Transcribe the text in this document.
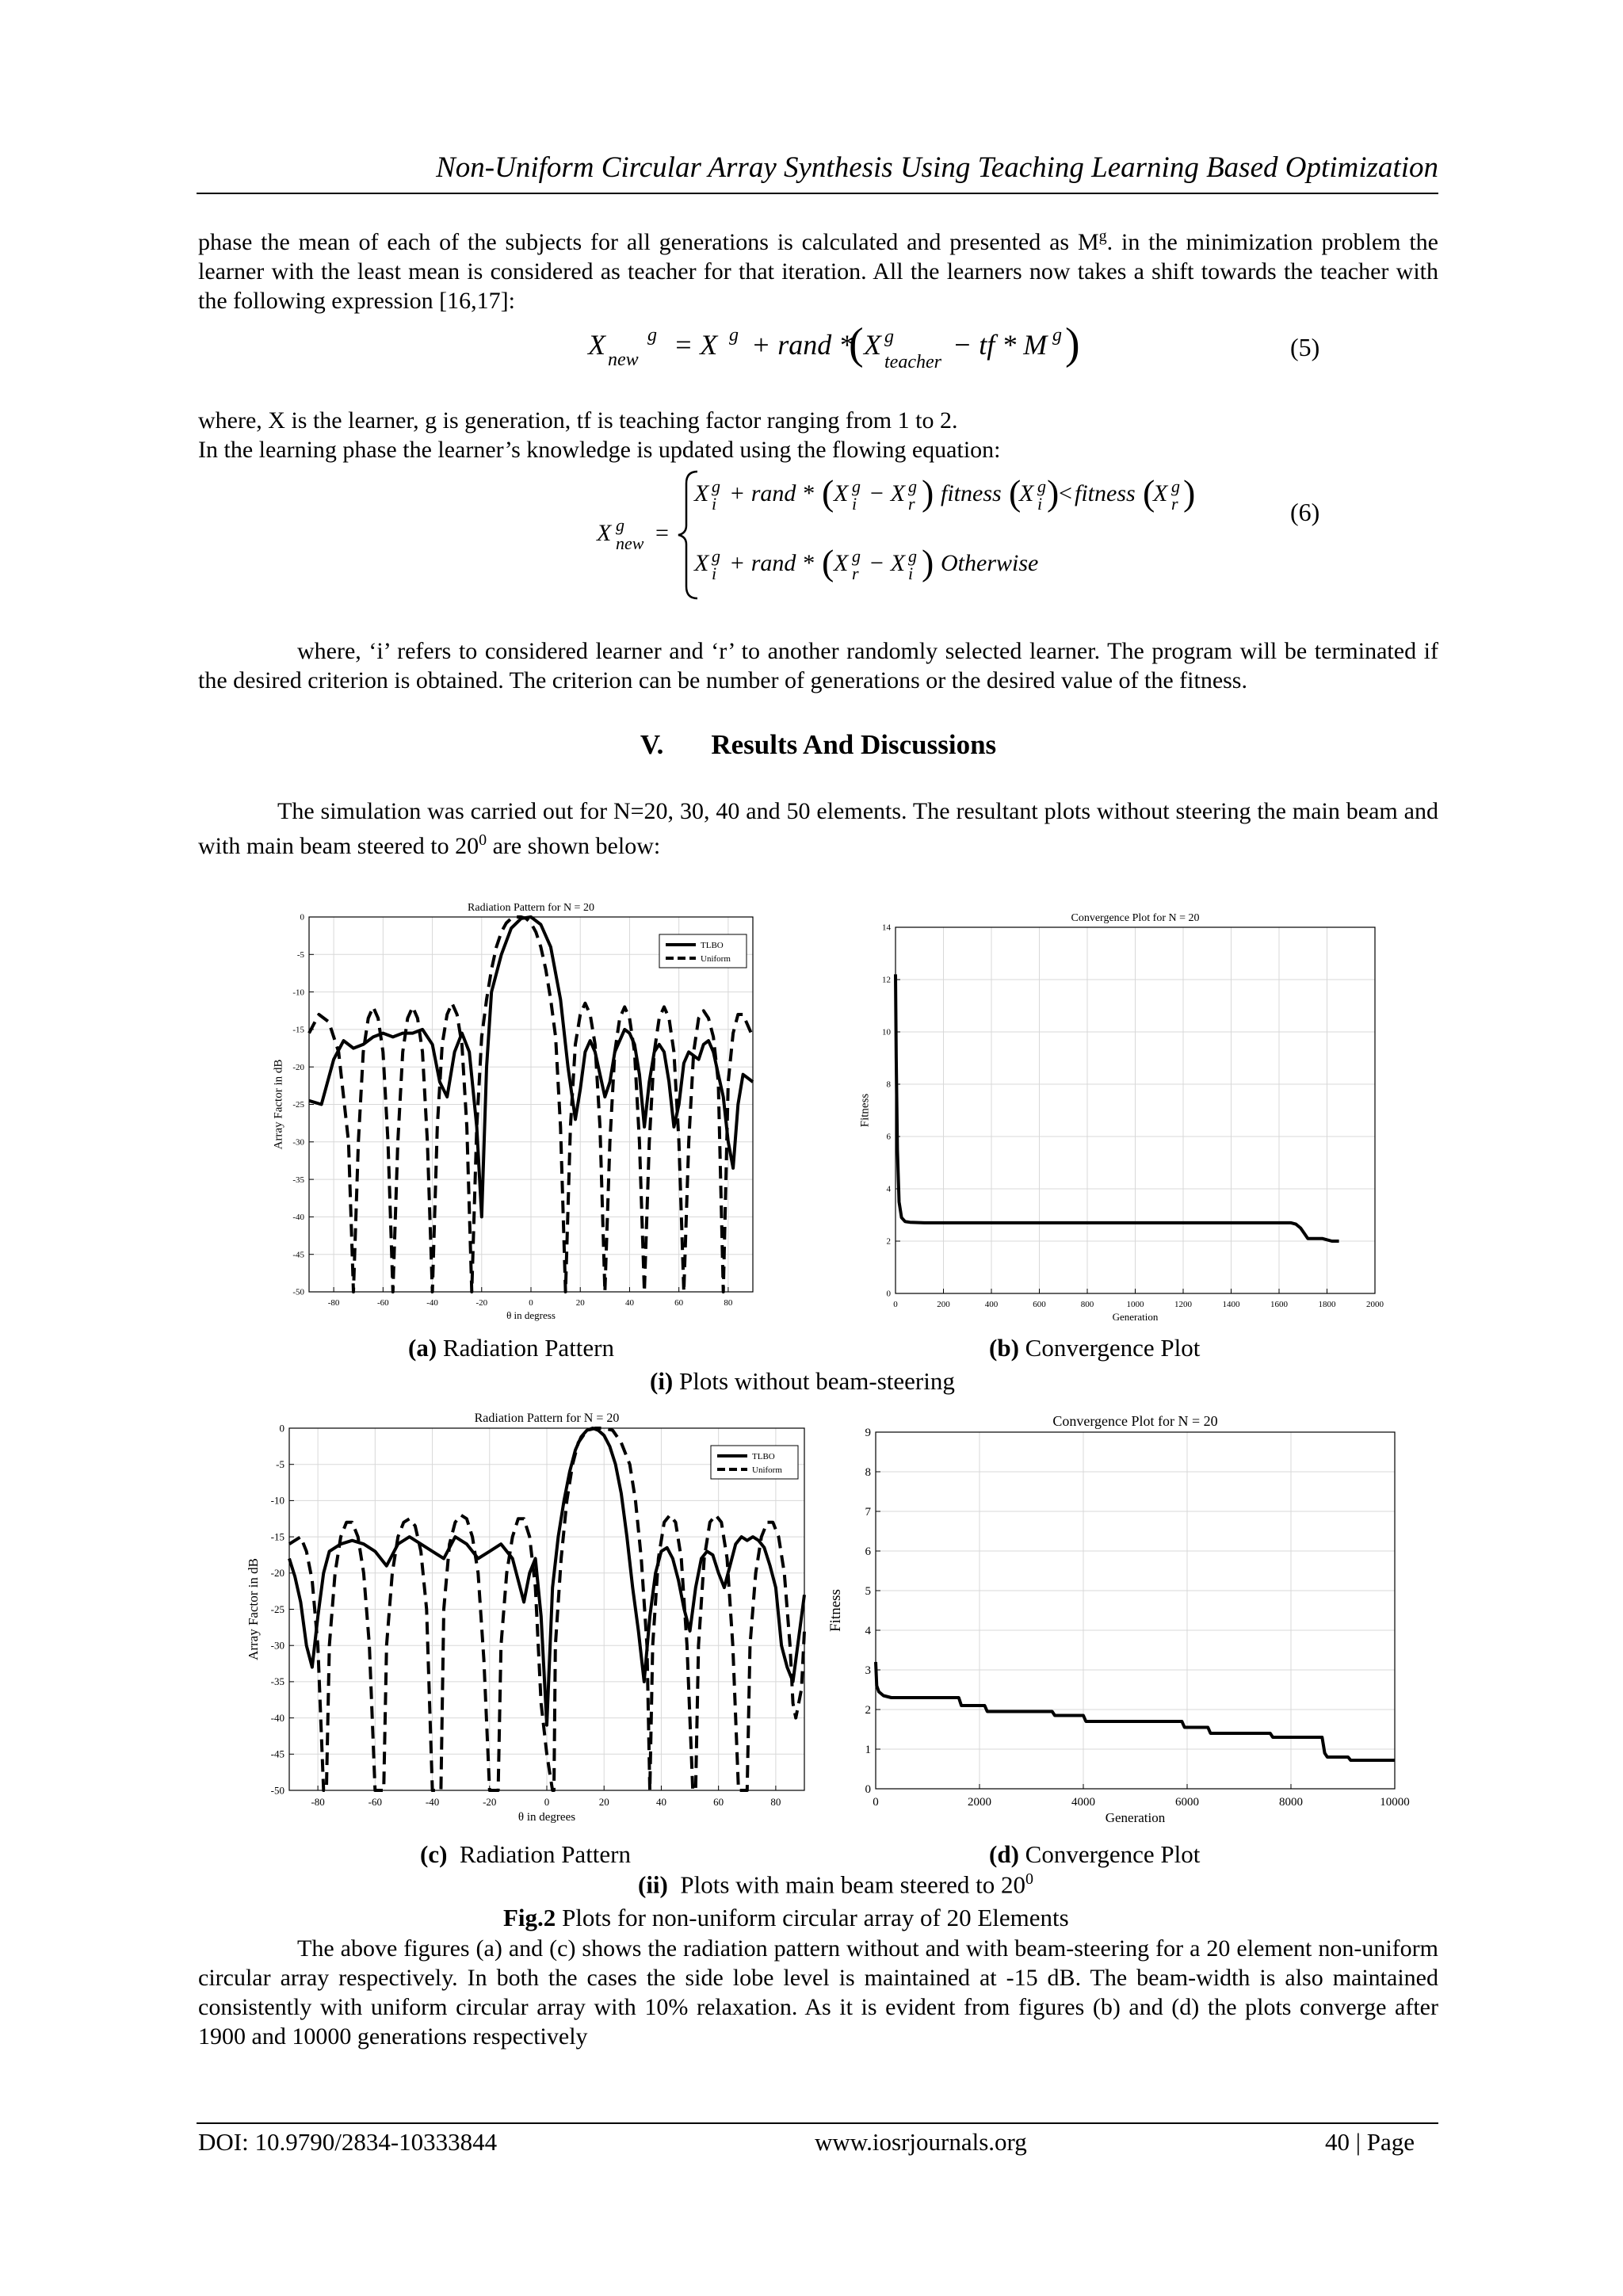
Non-Uniform Circular Array Synthesis Using Teaching Learning Based Optimization
phase the mean of each of the subjects for all generations is calculated and presented as $M^g$. in the minimization problem the learner with the least mean is considered as teacher for that iteration. All the learners now takes a shift towards the teacher with the following expression [16,17]:
X new
g = X g + rand *
( X g
teacher
− tf * M g )	(5)
where, X is the learner, g is generation, tf is teaching factor ranging from 1 to 2.
In the learning phase the learner’s knowledge is updated using the flowing equation:
X g
new =
X g
i + rand * ( X g
i − X g
r ) fitness (
X g
i ) < fitness (
X g
r )
X g
i + rand * ( X g
r − X g
i ) Otherwise
(6)
where, ‘i’ refers to considered learner and ‘r’ to another randomly selected learner. The program will be terminated if the desired criterion is obtained. The criterion can be number of generations or the desired value of the fitness.
V. Results And Discussions
The simulation was carried out for N=20, 30, 40 and 50 elements. The resultant plots without steering the main beam and with main beam steered to $20^0$ are shown below:
-80	-60	-40	-20	0	20	40	60	80
0
-5
-10
-15
-20
-25
-30
-35
-40
-45
-50
Radiation Pattern for N = 20
θ in degress
Array Factor in dB
TLBO
Uniform
0	200	400	600	800	1000	1200	1400	1600	1800	2000
0
2
4
6
8
10
12
14
Convergence Plot for N = 20
Generation
Fitness
(a) Radiation Pattern	(b) Convergence Plot
(i) Plots without beam-steering
-80	-60	-40	-20	0	20	40	60	80
0
-5
-10
-15
-20
-25
-30
-35
-40
-45
-50
Radiation Pattern for N = 20
θ in degrees
Array Factor in dB
TLBO
Uniform
0	2000	4000	6000	8000	10000
0
1
2
3
4
5
6
7
8
9
Convergence Plot for N = 20
Generation
Fitness
(c)  Radiation Pattern	(d) Convergence Plot
(ii)  Plots with main beam steered to $20^0$
Fig.2 Plots for non-uniform circular array of 20 Elements
The above figures (a) and (c) shows the radiation pattern without and with beam-steering for a 20 element non-uniform circular array respectively. In both the cases the side lobe level is maintained at -15 dB. The beam-width is also maintained consistently with uniform circular array with 10% relaxation. As it is evident from figures (b) and (d) the plots converge after 1900 and 10000 generations respectively
DOI: 10.9790/2834-10333844	www.iosrjournals.org	40 | Page
